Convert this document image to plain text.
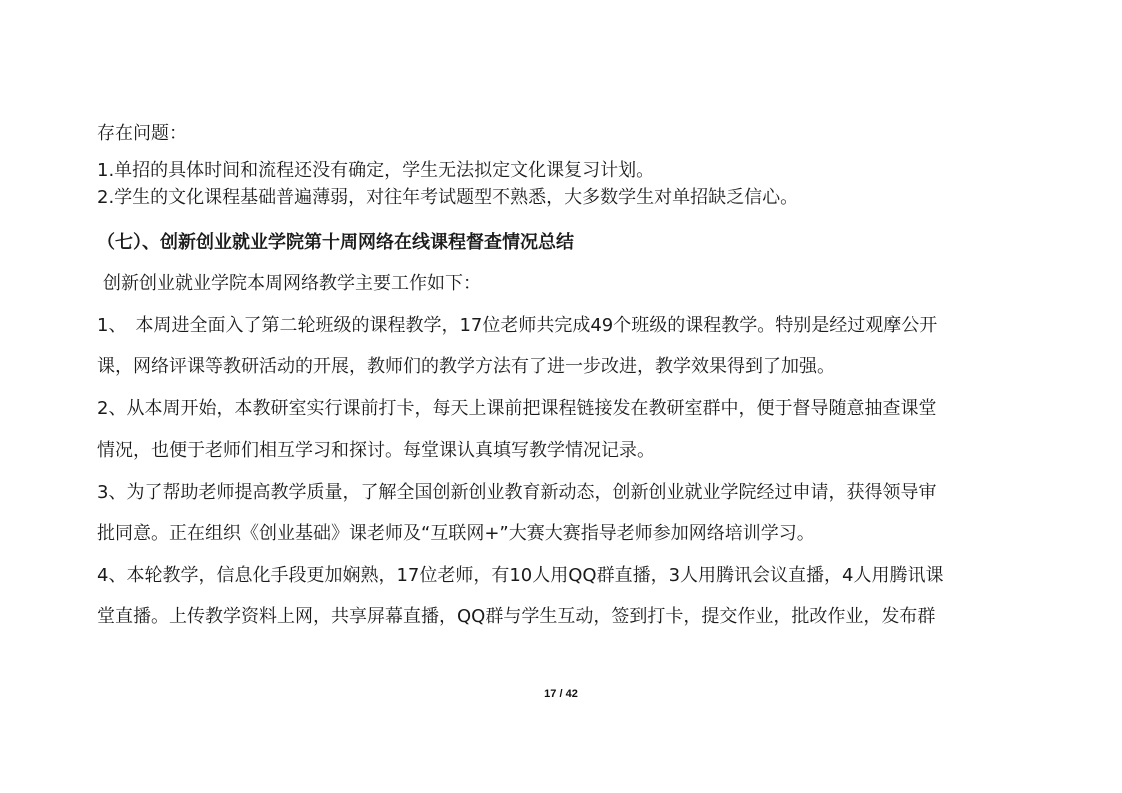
存在问题：
1.单招的具体时间和流程还没有确定，学生无法拟定文化课复习计划。
2.学生的文化课程基础普遍薄弱，对往年考试题型不熟悉，大多数学生对单招缺乏信心。
（七）、创新创业就业学院第十周网络在线课程督查情况总结
创新创业就业学院本周网络教学主要工作如下：
1、　本周进全面入了第二轮班级的课程教学，17位老师共完成49个班级的课程教学。特别是经过观摩公开
课，网络评课等教研活动的开展，教师们的教学方法有了进一步改进，教学效果得到了加强。
2、从本周开始，本教研室实行课前打卡，每天上课前把课程链接发在教研室群中，便于督导随意抽查课堂
情况，也便于老师们相互学习和探讨。每堂课认真填写教学情况记录。
3、为了帮助老师提高教学质量，了解全国创新创业教育新动态，创新创业就业学院经过申请，获得领导审
批同意。正在组织《创业基础》课老师及“互联网+”大赛大赛指导老师参加网络培训学习。
4、本轮教学，信息化手段更加娴熟，17位老师，有10人用QQ群直播，3人用腾讯会议直播，4人用腾讯课
堂直播。上传教学资料上网，共享屏幕直播，QQ群与学生互动，签到打卡，提交作业，批改作业，发布群
17 / 42
